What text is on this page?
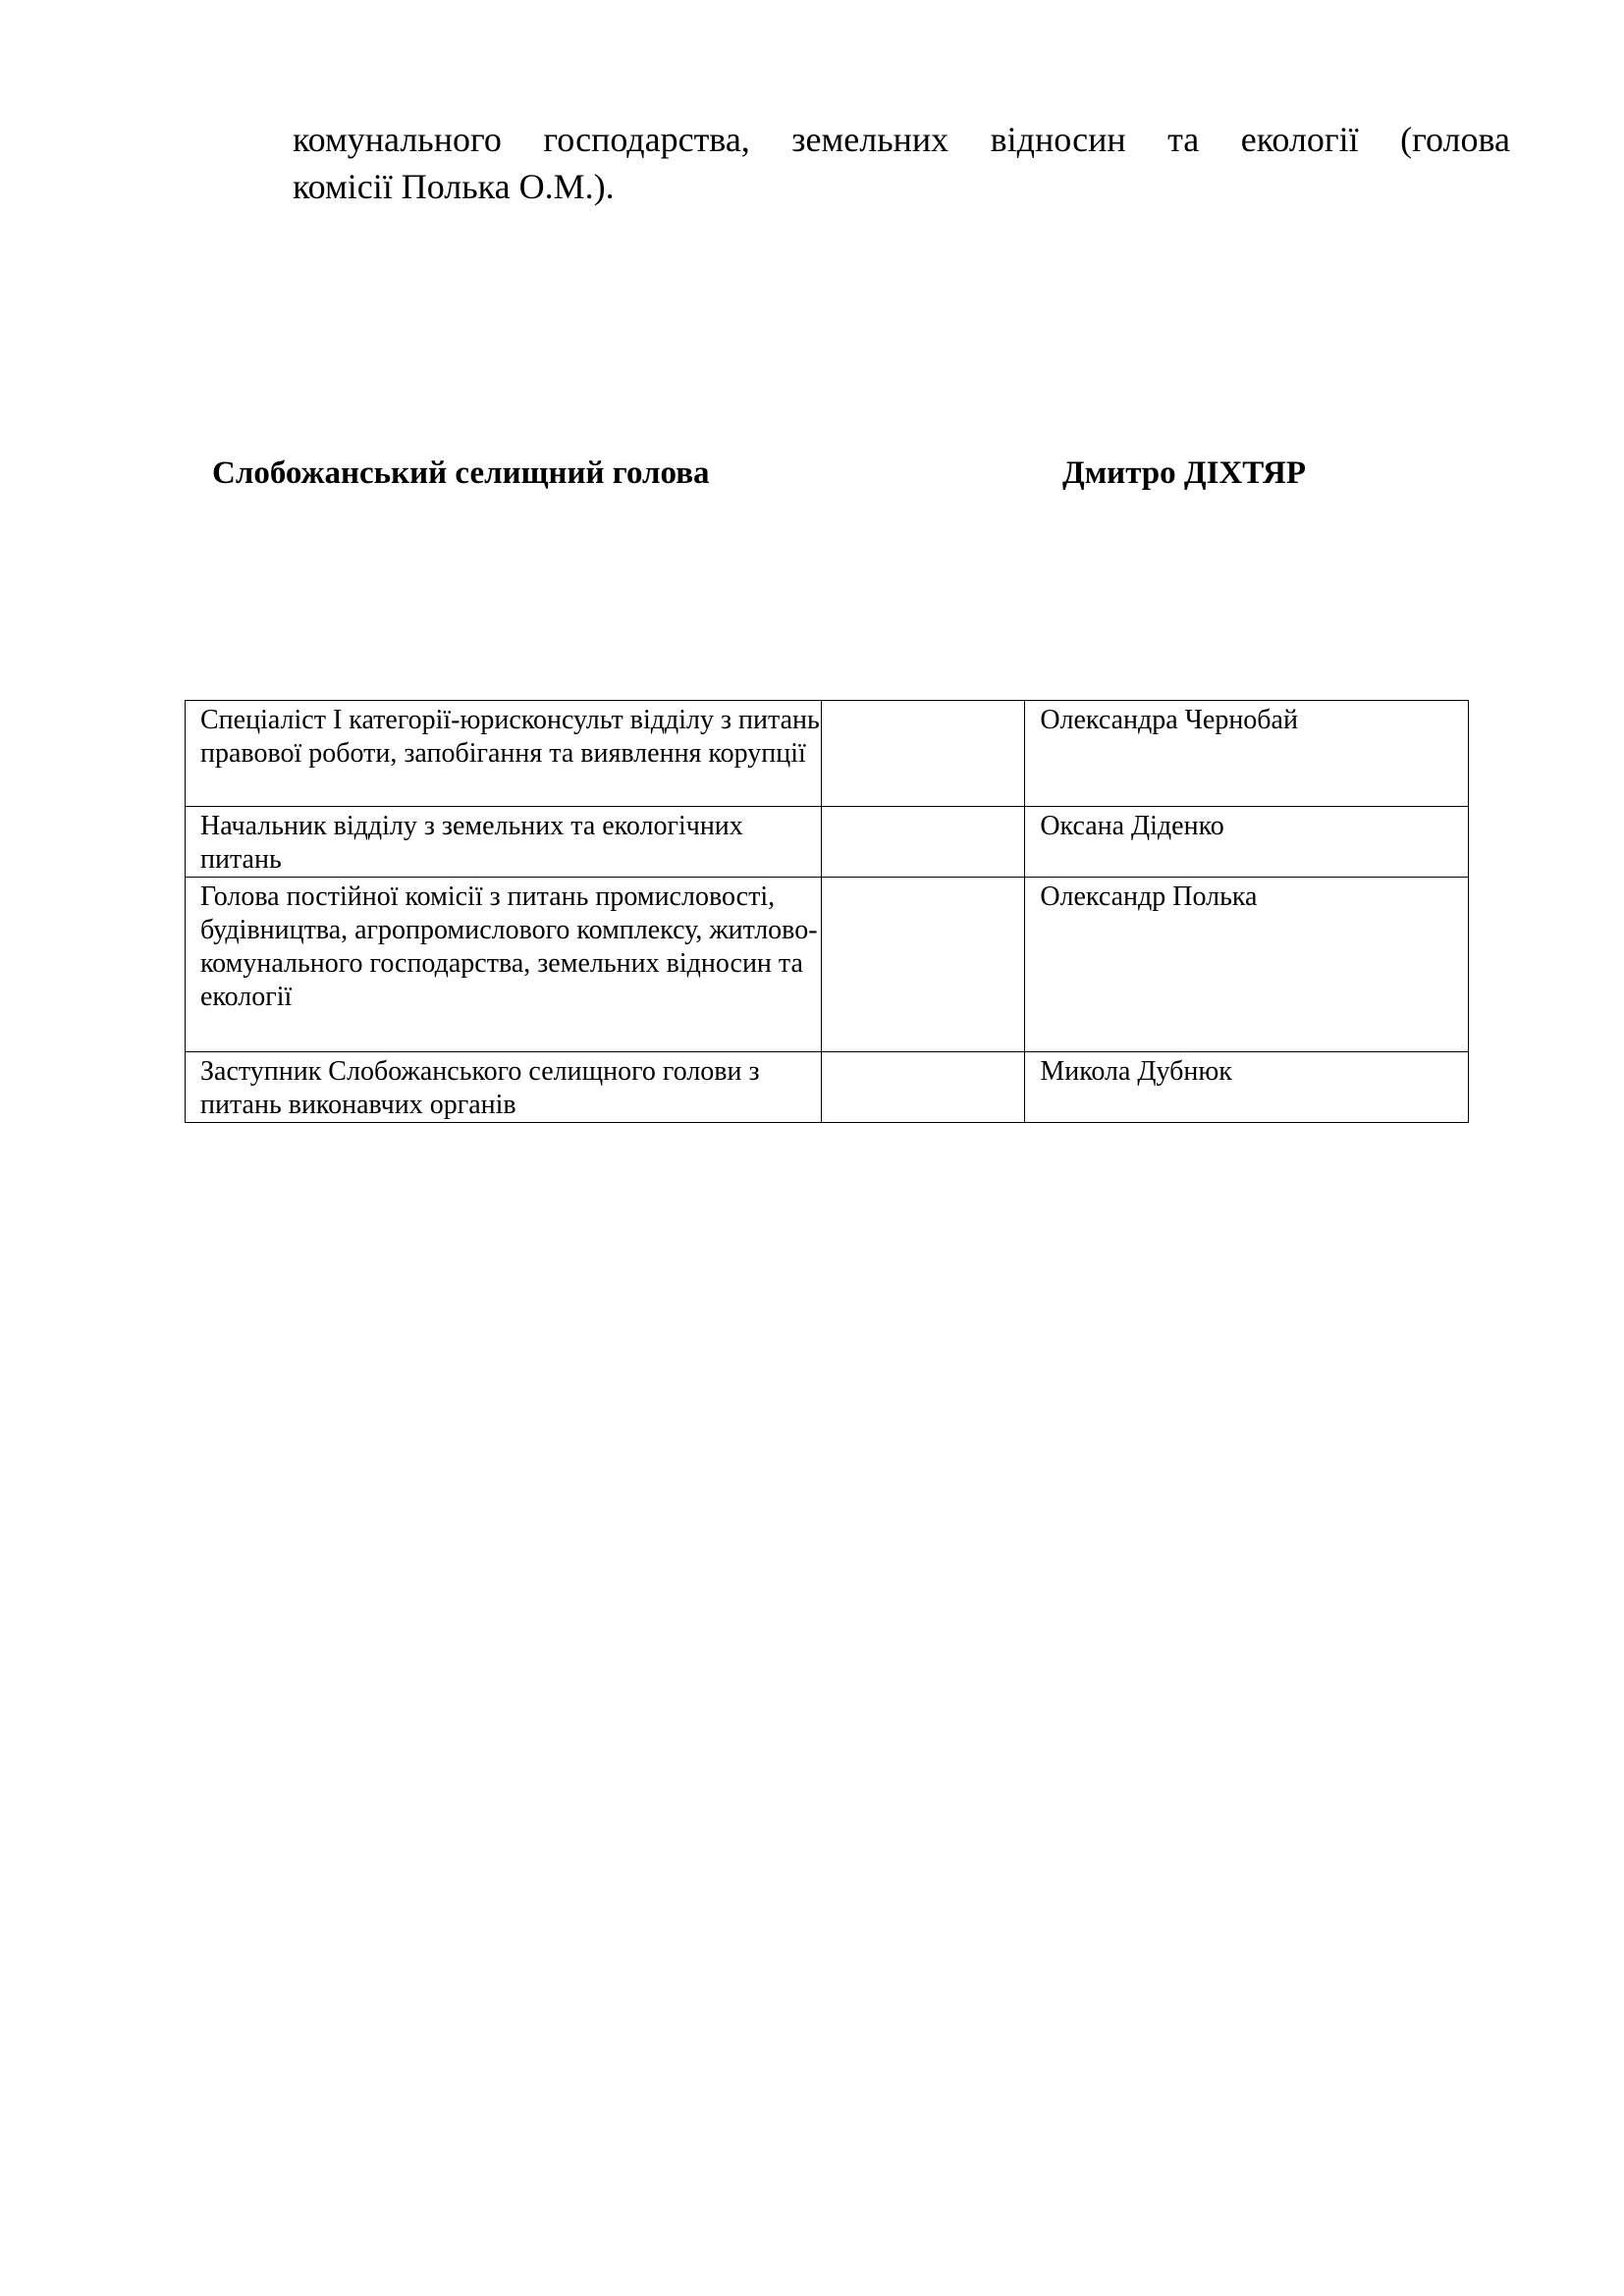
комунального господарства, земельних відносин та екології (голова
комісії Полька О.М.).
Слобожанський селищний голова	Дмитро ДІХТЯР
Спеціаліст І категорії-юрисконсульт відділу з питань правової роботи, запобігання та виявлення корупції		Олександра Чернобай
Начальник відділу з земельних та екологічних питань		Оксана Діденко
Голова постійної комісії з питань промисловості, будівництва, агропромислового комплексу, житлово-комунального господарства, земельних відносин та екології		Олександр Полька
Заступник Слобожанського селищного голови з питань виконавчих органів		Микола Дубнюк
